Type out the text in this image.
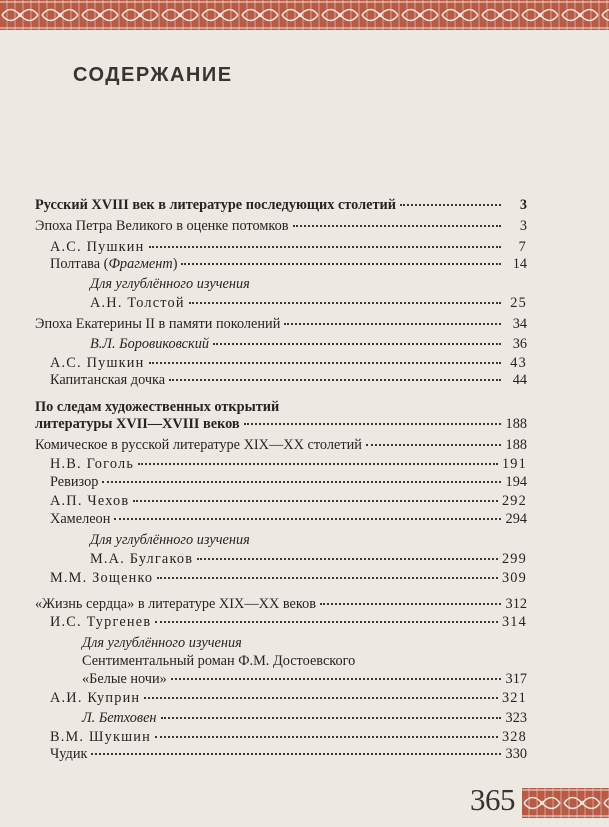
СОДЕРЖАНИЕ
Русский XVIII век в литературе последующих столетий	3
Эпоха Петра Великого в оценке потомков	3
А.С. Пушкин	7
Полтава (Фрагмент)	14
Для углублённого изучения
А.Н. Толстой	25
Эпоха Екатерины II в памяти поколений	34
В.Л. Боровиковский	36
А.С. Пушкин	43
Капитанская дочка	44
По следам художественных открытий
литературы XVII—XVIII веков	188
Комическое в русской литературе XIX—XX столетий	188
Н.В. Гоголь	191
Ревизор	194
А.П. Чехов	292
Хамелеон	294
Для углублённого изучения
М.А. Булгаков	299
М.М. Зощенко	309
«Жизнь сердца» в литературе XIX—XX веков	312
И.С. Тургенев	314
Для углублённого изучения
Сентиментальный роман Ф.М. Достоевского
«Белые ночи»	317
А.И. Куприн	321
Л. Бетховен	323
В.М. Шукшин	328
Чудик	330
365
